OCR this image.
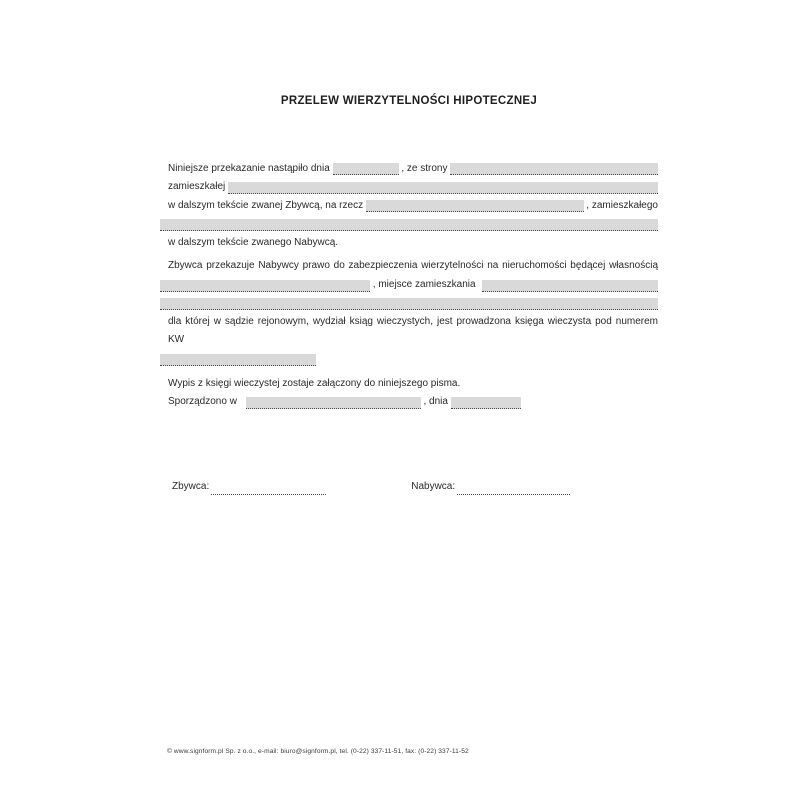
PRZELEW WIERZYTELNOŚCI HIPOTECZNEJ
Niniejsze przekazanie nastąpiło dnia	, ze strony
zamieszkałej
w dalszym tekście zwanej Zbywcą, na rzecz	, zamieszkałego
w dalszym tekście zwanego Nabywcą.
Zbywca przekazuje Nabywcy prawo do zabezpieczenia wierzytelności na nieruchomości będącej własnością
, miejsce zamieszkania
dla której w sądzie rejonowym, wydział ksiąg wieczystych, jest prowadzona księga wieczysta pod numerem KW
Wypis z księgi wieczystej zostaje załączony do niniejszego pisma.
Sporządzono w	, dnia
Zbywca:	Nabywca:
© www.signform.pl Sp. z o.o., e-mail: biuro@signform.pl, tel. (0-22) 337-11-51, fax: (0-22) 337-11-52
